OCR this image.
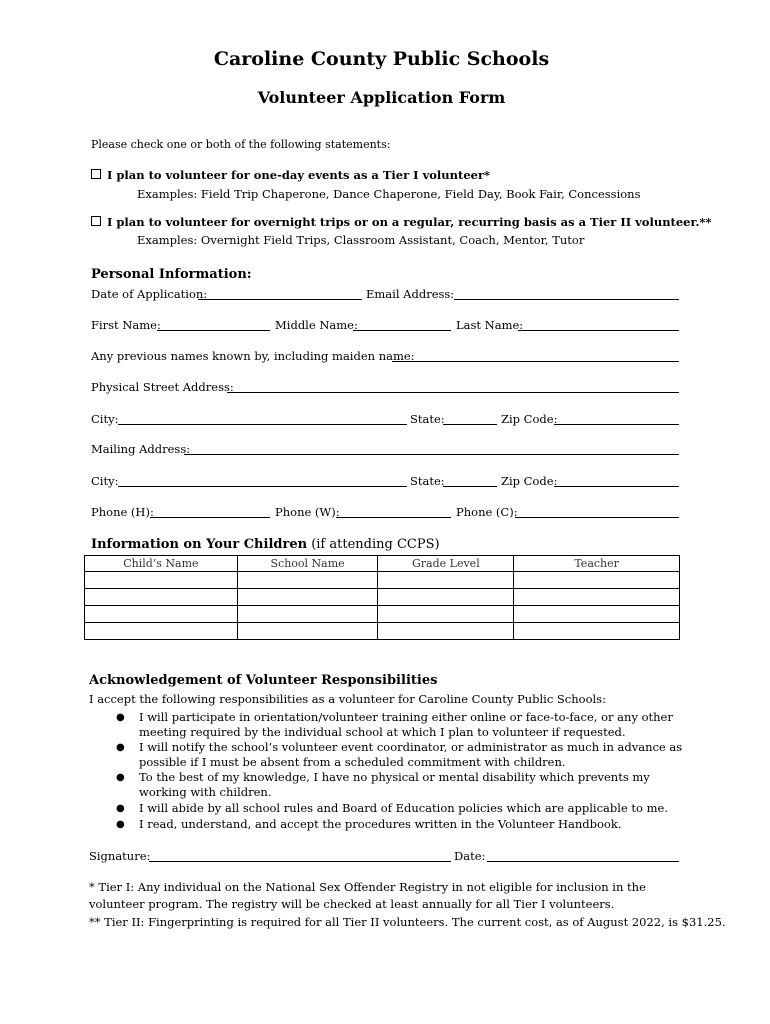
Caroline County Public Schools
Volunteer Application Form
Please check one or both of the following statements:
I plan to volunteer for one-day events as a Tier I volunteer*
Examples: Field Trip Chaperone, Dance Chaperone, Field Day, Book Fair, Concessions
I plan to volunteer for overnight trips or on a regular, recurring basis as a Tier II volunteer.**
Examples: Overnight Field Trips, Classroom Assistant, Coach, Mentor, Tutor
Personal Information:
Date of Application:	Email Address:
First Name:	Middle Name:	Last Name:
Any previous names known by, including maiden name:
Physical Street Address:
City:	State:	Zip Code:
Mailing Address:
City:	State:	Zip Code:
Phone (H):	Phone (W):	Phone (C):
Information on Your Children (if attending CCPS)
Child’s Name	School Name	Grade Level	Teacher

Acknowledgement of Volunteer Responsibilities
I accept the following responsibilities as a volunteer for Caroline County Public Schools:
● I will participate in orientation/volunteer training either online or face-to-face, or any other meeting required by the individual school at which I plan to volunteer if requested.
● I will notify the school’s volunteer event coordinator, or administrator as much in advance as possible if I must be absent from a scheduled commitment with children.
● To the best of my knowledge, I have no physical or mental disability which prevents my working with children.
● I will abide by all school rules and Board of Education policies which are applicable to me.
● I read, understand, and accept the procedures written in the Volunteer Handbook.
Signature:	Date:
* Tier I: Any individual on the National Sex Offender Registry in not eligible for inclusion in the volunteer program. The registry will be checked at least annually for all Tier I volunteers.
** Tier II: Fingerprinting is required for all Tier II volunteers. The current cost, as of August 2022, is $31.25.
